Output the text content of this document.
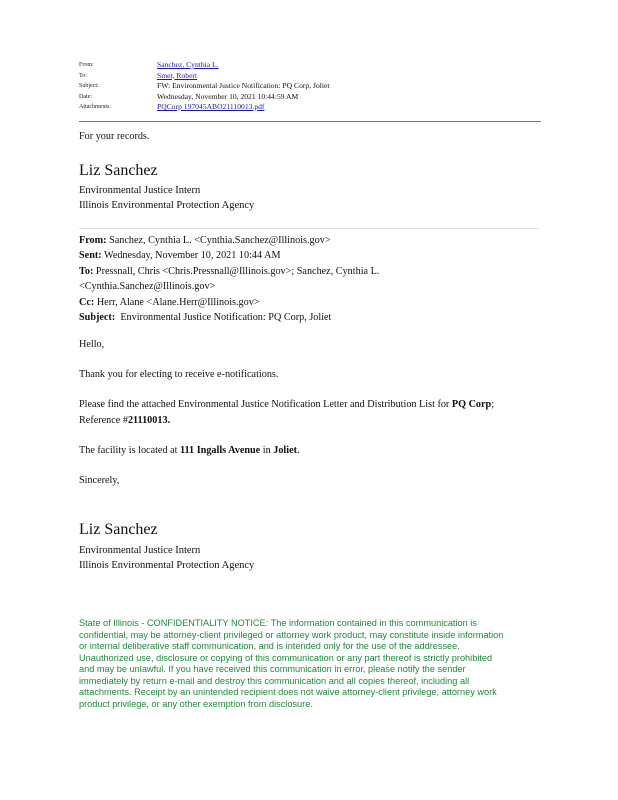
From:	Sanchez, Cynthia L.
To:	Smet, Robert
Subject:	FW: Environmental Justice Notification: PQ Corp, Joliet
Date:	Wednesday, November 10, 2021 10:44:59 AM
Attachments:	PQCorp 197045ABO21110013.pdf
For your records.
Liz Sanchez
Environmental Justice Intern
Illinois Environmental Protection Agency
From: Sanchez, Cynthia L. <Cynthia.Sanchez@Illinois.gov>
Sent: Wednesday, November 10, 2021 10:44 AM
To: Pressnall, Chris <Chris.Pressnall@Illinois.gov>; Sanchez, Cynthia L.
<Cynthia.Sanchez@Illinois.gov>
Cc: Herr, Alane <Alane.Herr@Illinois.gov>
Subject: Environmental Justice Notification: PQ Corp, Joliet
Hello,
Thank you for electing to receive e-notifications.
Please find the attached Environmental Justice Notification Letter and Distribution List for PQ Corp;
Reference #21110013.
The facility is located at 111 Ingalls Avenue in Joliet.
Sincerely,
Liz Sanchez
Environmental Justice Intern
Illinois Environmental Protection Agency
State of Illinois - CONFIDENTIALITY NOTICE: The information contained in this communication is
confidential, may be attorney-client privileged or attorney work product, may constitute inside information
or internal deliberative staff communication, and is intended only for the use of the addressee.
Unauthorized use, disclosure or copying of this communication or any part thereof is strictly prohibited
and may be unlawful. If you have received this communication in error, please notify the sender
immediately by return e-mail and destroy this communication and all copies thereof, including all
attachments. Receipt by an unintended recipient does not waive attorney-client privilege, attorney work
product privilege, or any other exemption from disclosure.
